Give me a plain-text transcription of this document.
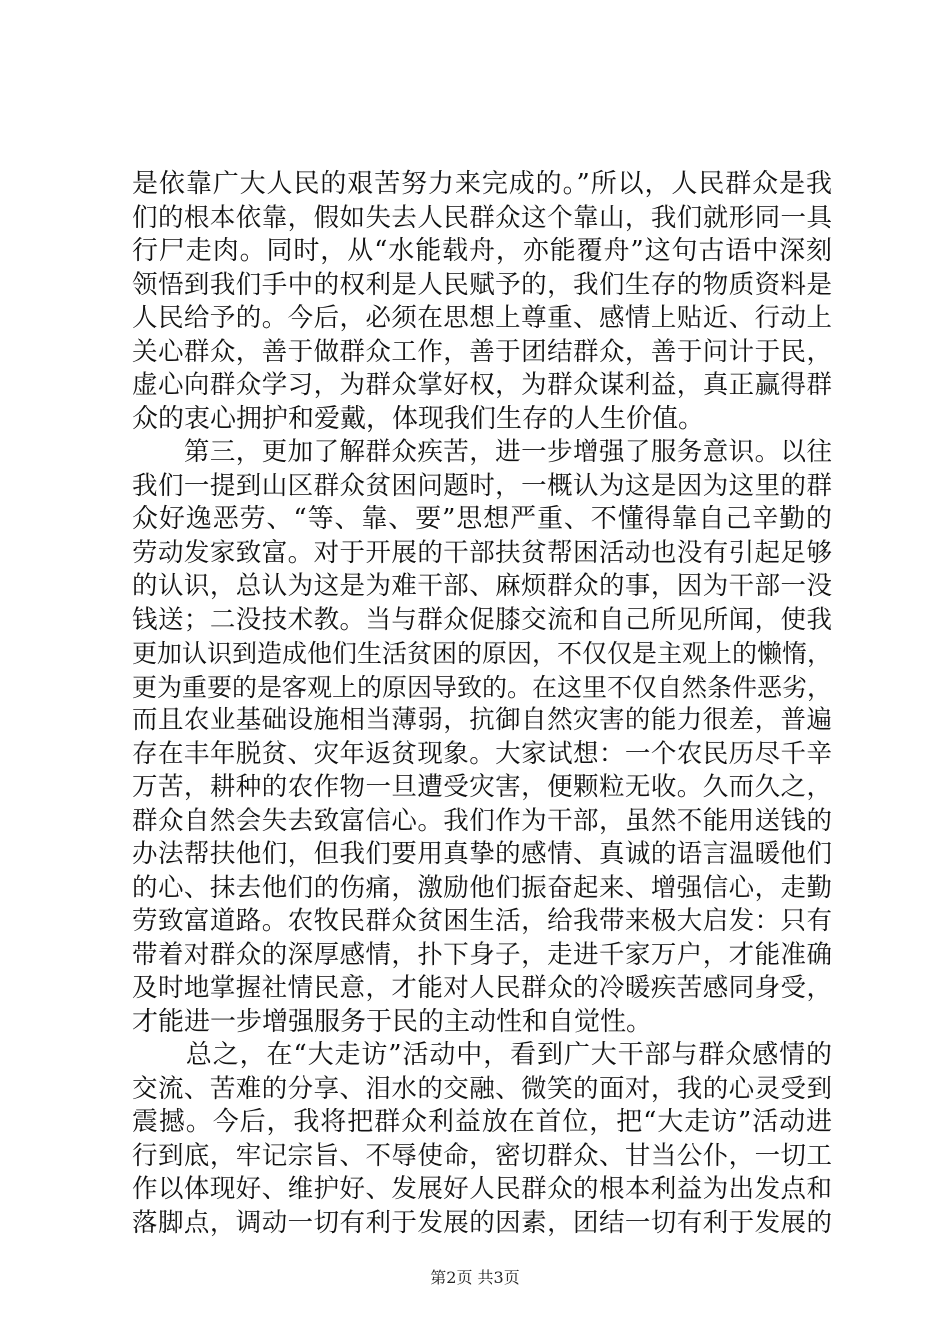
是依靠广大人民的艰苦努力来完成的。”所以，人民群众是我
们的根本依靠，假如失去人民群众这个靠山，我们就形同一具
行尸走肉。同时，从“水能载舟，亦能覆舟”这句古语中深刻
领悟到我们手中的权利是人民赋予的，我们生存的物质资料是
人民给予的。今后，必须在思想上尊重、感情上贴近、行动上
关心群众，善于做群众工作，善于团结群众，善于问计于民，
虚心向群众学习，为群众掌好权，为群众谋利益，真正赢得群
众的衷心拥护和爱戴，体现我们生存的人生价值。
　　第三，更加了解群众疾苦，进一步增强了服务意识。以往
我们一提到山区群众贫困问题时，一概认为这是因为这里的群
众好逸恶劳、“等、靠、要”思想严重、不懂得靠自己辛勤的
劳动发家致富。对于开展的干部扶贫帮困活动也没有引起足够
的认识，总认为这是为难干部、麻烦群众的事，因为干部一没
钱送；二没技术教。当与群众促膝交流和自己所见所闻，使我
更加认识到造成他们生活贫困的原因，不仅仅是主观上的懒惰，
更为重要的是客观上的原因导致的。在这里不仅自然条件恶劣，
而且农业基础设施相当薄弱，抗御自然灾害的能力很差，普遍
存在丰年脱贫、灾年返贫现象。大家试想：一个农民历尽千辛
万苦，耕种的农作物一旦遭受灾害，便颗粒无收。久而久之，
群众自然会失去致富信心。我们作为干部，虽然不能用送钱的
办法帮扶他们，但我们要用真挚的感情、真诚的语言温暖他们
的心、抹去他们的伤痛，激励他们振奋起来、增强信心，走勤
劳致富道路。农牧民群众贫困生活，给我带来极大启发：只有
带着对群众的深厚感情，扑下身子，走进千家万户，才能准确
及时地掌握社情民意，才能对人民群众的冷暖疾苦感同身受，
才能进一步增强服务于民的主动性和自觉性。
　　总之，在“大走访”活动中，看到广大干部与群众感情的
交流、苦难的分享、泪水的交融、微笑的面对，我的心灵受到
震撼。今后，我将把群众利益放在首位，把“大走访”活动进
行到底，牢记宗旨、不辱使命，密切群众、甘当公仆，一切工
作以体现好、维护好、发展好人民群众的根本利益为出发点和
落脚点，调动一切有利于发展的因素，团结一切有利于发展的
第2页 共3页
